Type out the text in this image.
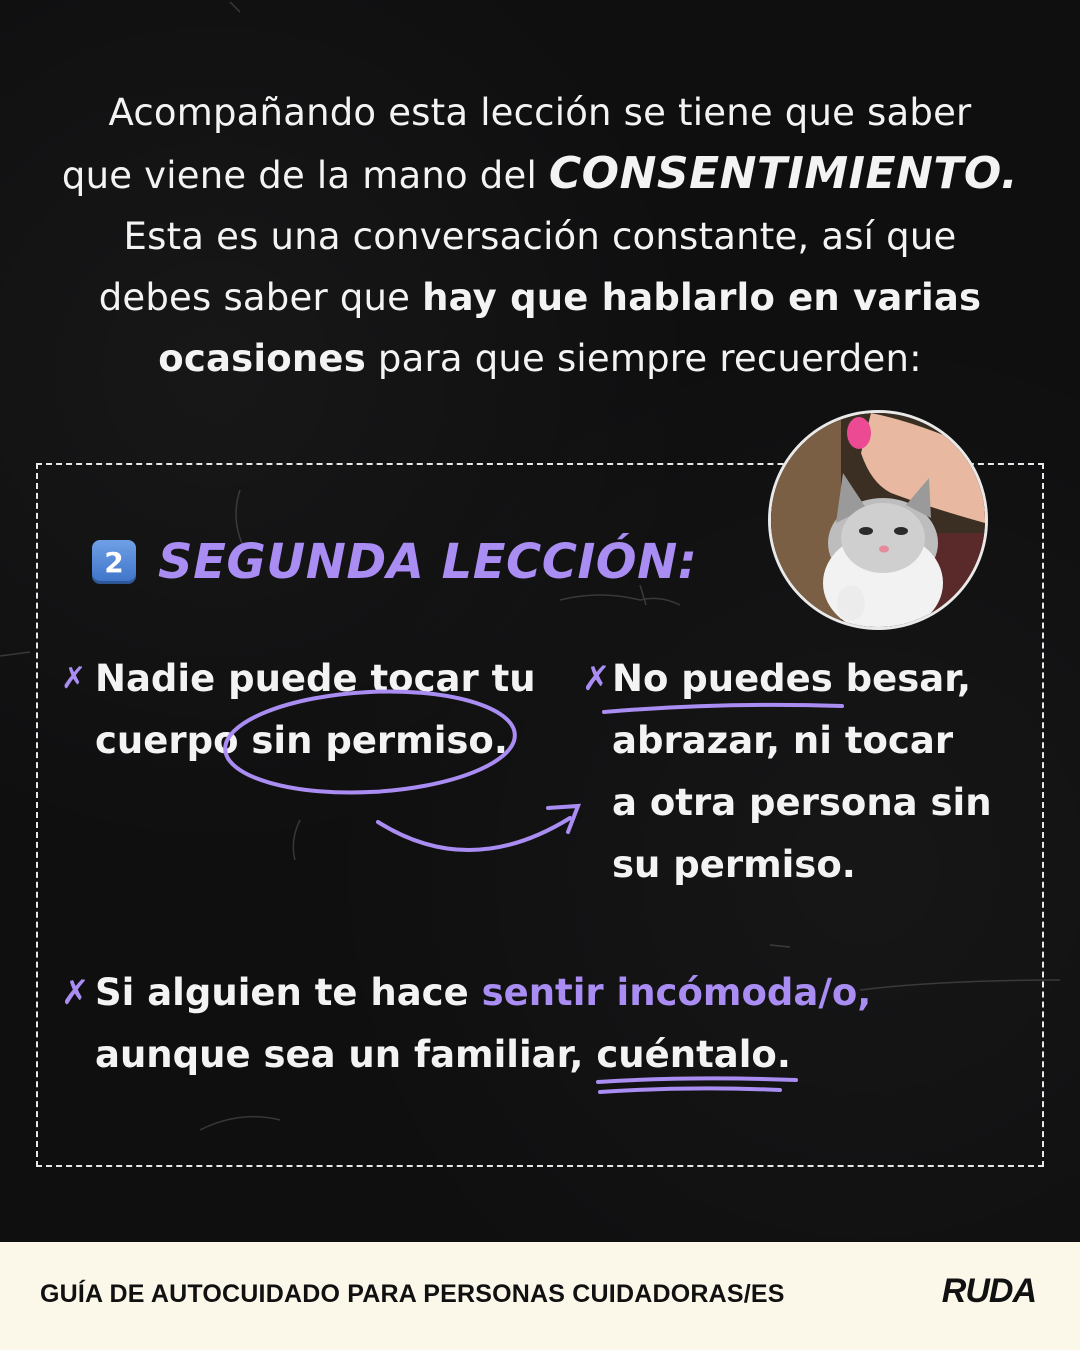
Acompañando esta lección se tiene que saber
que viene de la mano del CONSENTIMIENTO.
Esta es una conversación constante, así que
debes saber que hay que hablarlo en varias
ocasiones para que siempre recuerden:
2 SEGUNDA LECCIÓN:
✗ Nadie puede tocar tu
cuerpo sin permiso.
✗ No puedes besar,
abrazar, ni tocar
a otra persona sin
su permiso.
✗ Si alguien te hace sentir incómoda/o,
aunque sea un familiar, cuéntalo.
GUÍA DE AUTOCUIDADO PARA PERSONAS CUIDADORAS/ES	RUDA
